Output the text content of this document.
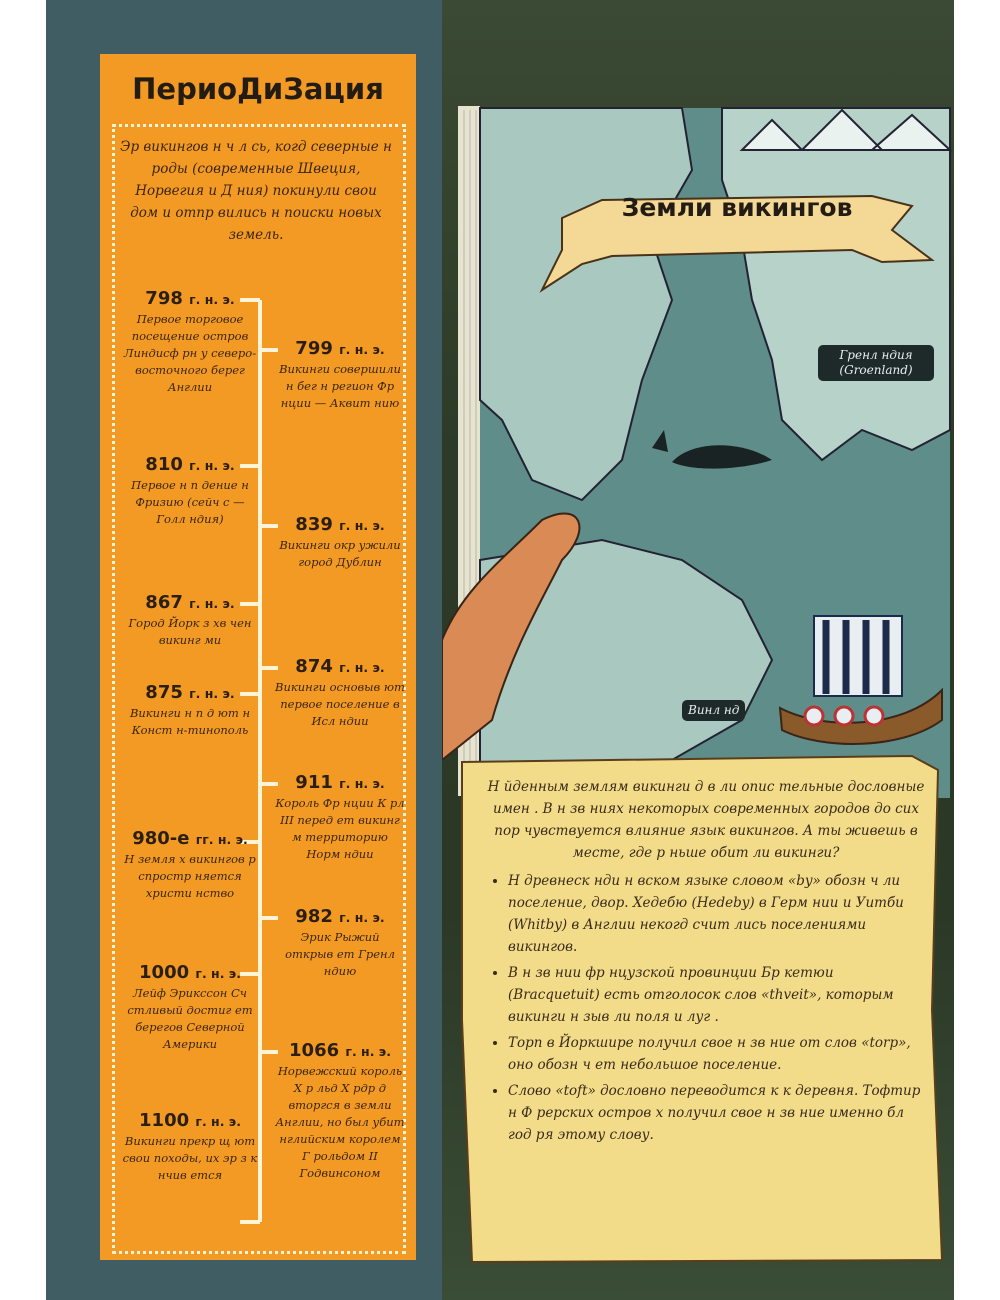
ПериоДиЗация
Эр викингов н ч л сь, когд северные н роды (современные Швеция, Норвегия и Д ния) покинули свои дом и отпр вились н поиски новых земель.
798 г. н. э.
Первое торговое посещение остров Линдисф рн у северо-восточного берег Англии
799 г. н. э.
Викинги совершили н бег н регион Фр нции — Аквит нию
810 г. н. э.
Первое н п дение н Фризию (сейч с — Голл ндия)	839 г. н. э.
Викинги окр ужили город Дублин
867 г. н. э.
Город Йорк з хв чен викинг ми
874 г. н. э.
Викинги основыв ют первое поселение в Исл ндии
875 г. н. э.
Викинги н п д ют н Конст н-тинополь
911 г. н. э.
Король Фр нции К рл III перед ет викинг м территорию Норм ндии
980-е гг. н. э.
Н земля х викингов р спростр няется христи нство
982 г. н. э.
Эрик Рыжий открыв ет Гренл ндию
1000 г. н. э.
Лейф Эрикссон Сч стливый достиг ет берегов Северной Америки	1066 г. н. э.
Норвежский король Х р льд Х рдр д вторгся в земли Англии, но был убит нглийским королем Г рольдом II Годвинсоном
1100 г. н. э.
Викинги прекр щ ют свои походы, их эр з к нчив ется
Земли викингов
Гренл ндия
(Groenland)
Винл нд

Н йденным землям викинги д в ли опис тельные дословные имен . В н зв ниях некоторых современных городов до сих пор чувствуется влияние язык викингов. А ты живешь в месте, где р ньше обит ли викинги?

• Н древнеск нди н вском языке словом «by» обозн ч ли поселение, двор. Хедебю (Hedeby) в Герм нии и Уитби (Whitby) в Англии некогд счит лись поселениями викингов.
• В н зв нии фр нцузской провинции Бр кетюи (Bracquetuit) есть отголосок слов «thveit», которым викинги н зыв ли поля и луг .
• Торп в Йоркшире получил свое н зв ние от слов «torp», оно обозн ч ет небольшое поселение.
• Слово «toft» дословно переводится к к деревня. Тофтир н Ф рерских остров х получил свое н зв ние именно бл год ря этому слову.
